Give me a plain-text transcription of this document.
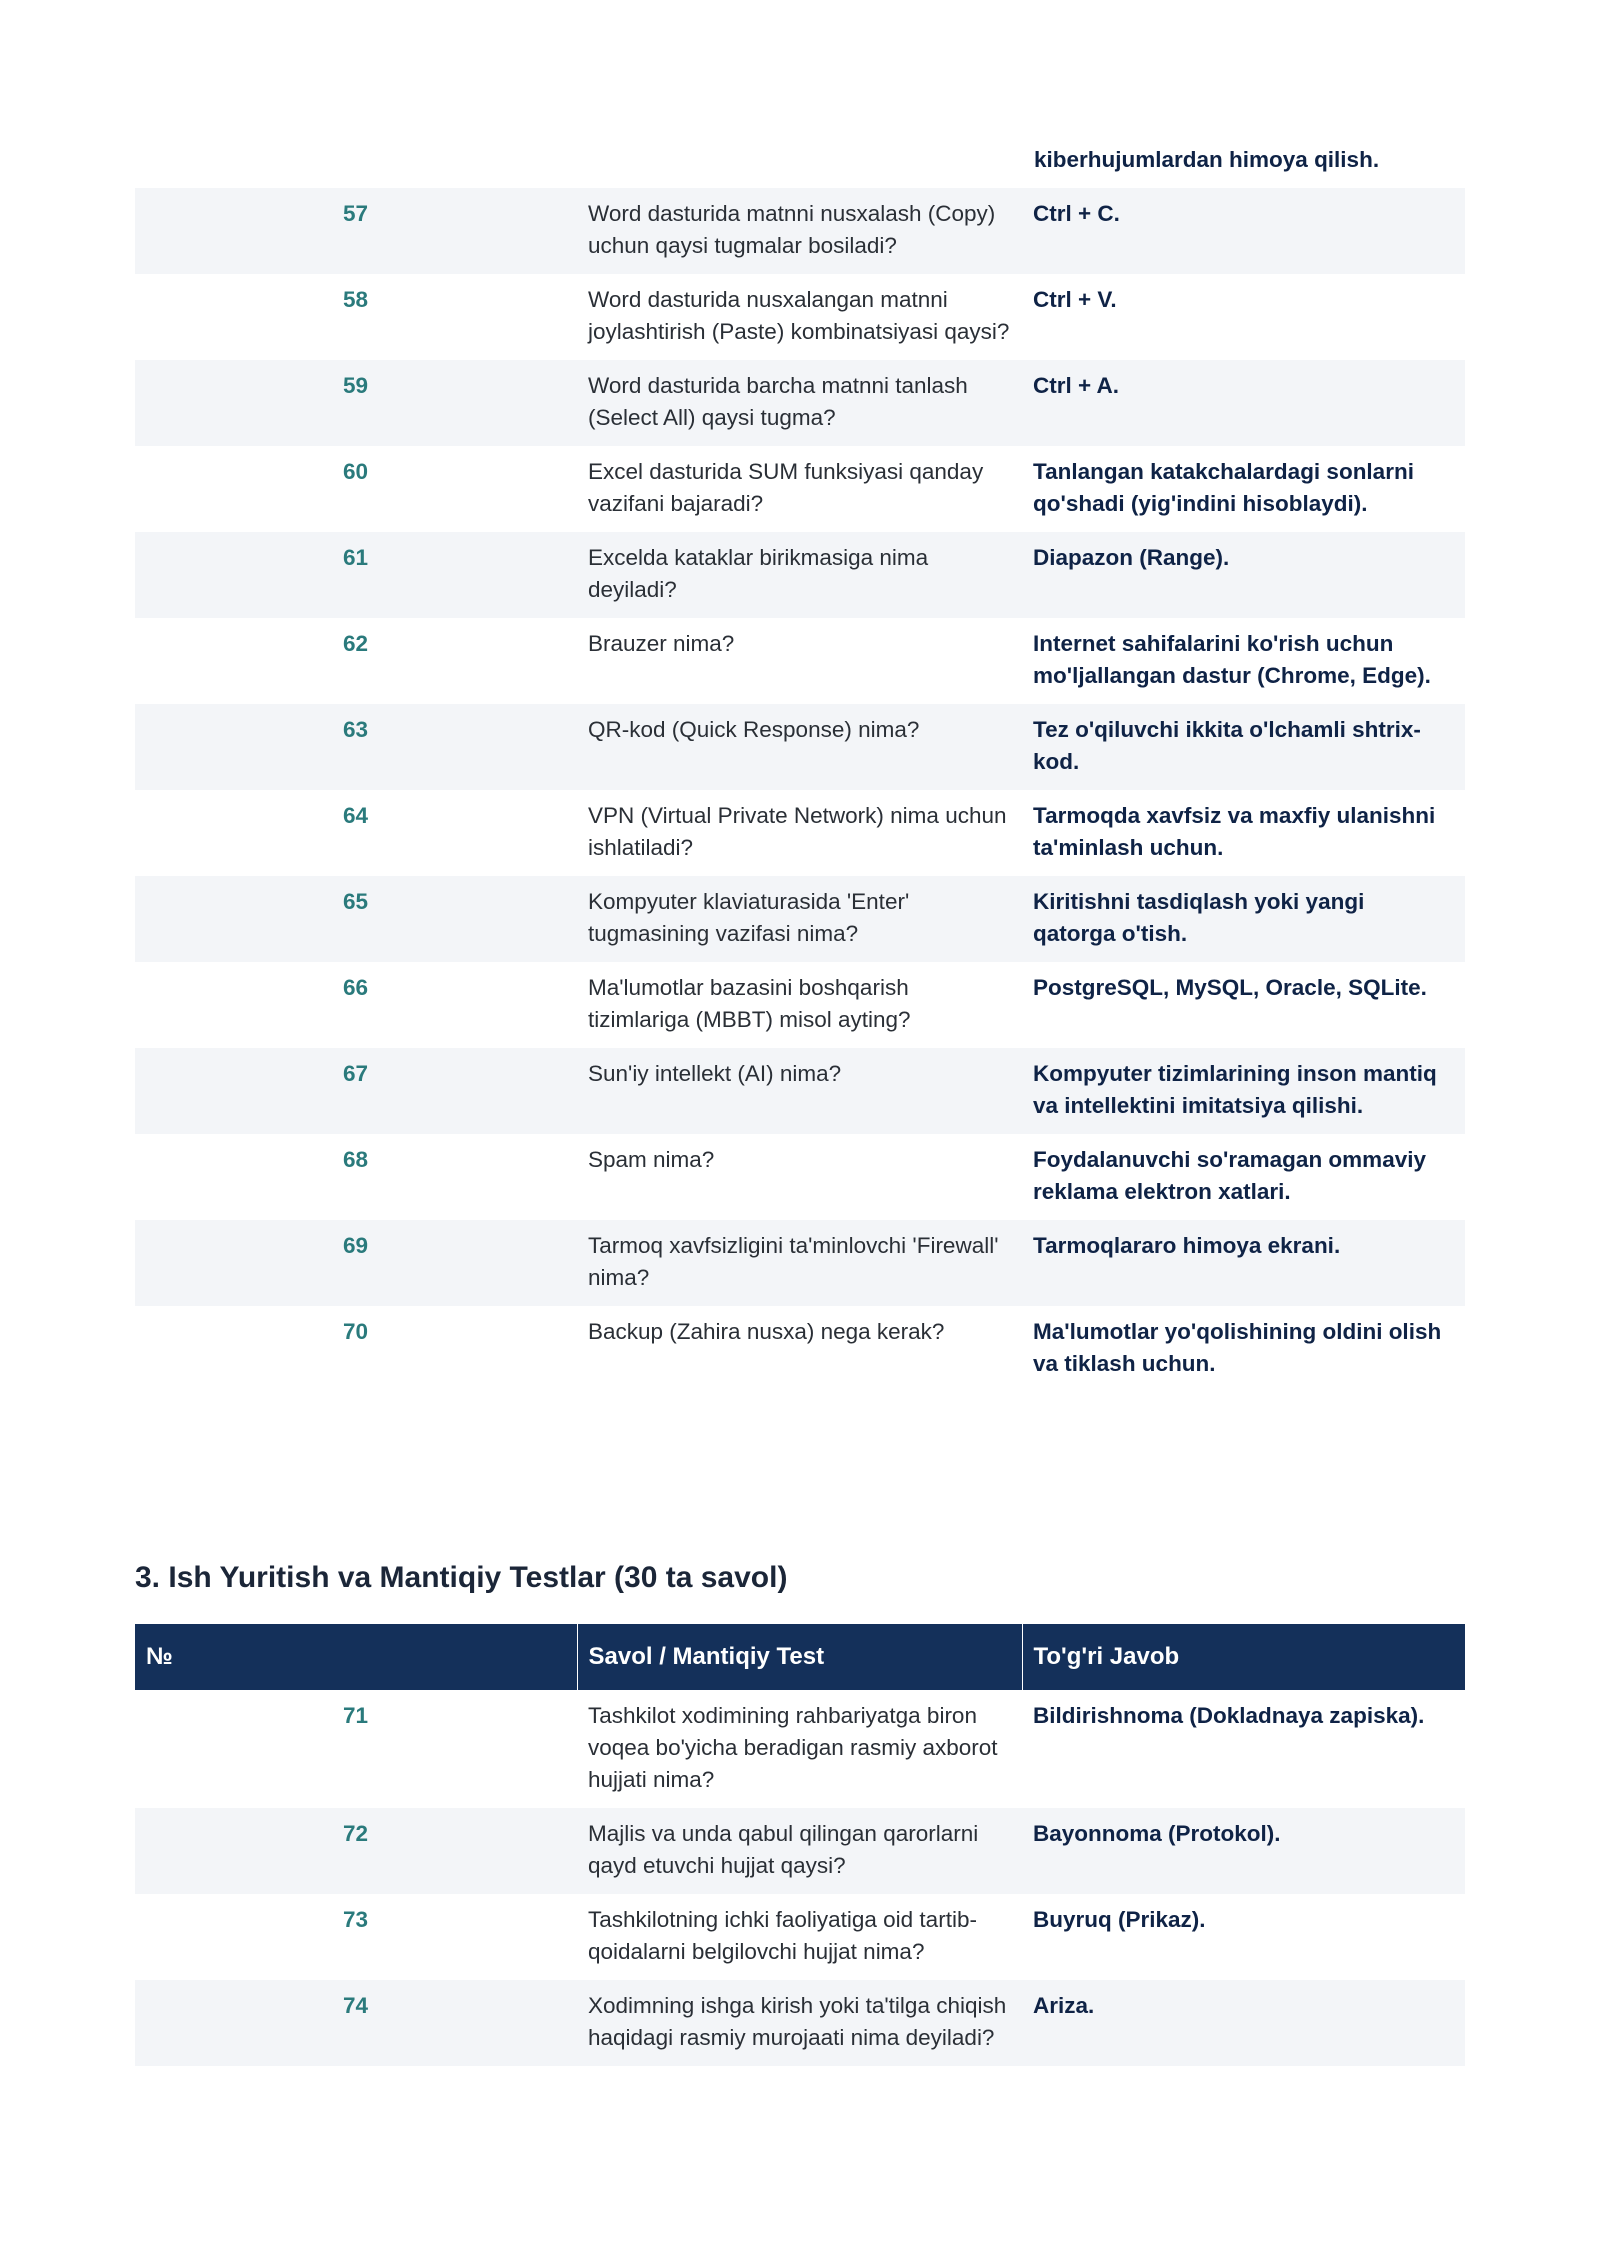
kiberhujumlardan himoya qilish.
57	Word dasturida matnni nusxalash (Copy) uchun qaysi tugmalar bosiladi?	Ctrl + C.
58	Word dasturida nusxalangan matnni joylashtirish (Paste) kombinatsiyasi qaysi?	Ctrl + V.
59	Word dasturida barcha matnni tanlash (Select All) qaysi tugma?	Ctrl + A.
60	Excel dasturida SUM funksiyasi qanday vazifani bajaradi?	Tanlangan katakchalardagi sonlarni qo'shadi (yig'indini hisoblaydi).
61	Excelda kataklar birikmasiga nima deyiladi?	Diapazon (Range).
62	Brauzer nima?	Internet sahifalarini ko'rish uchun mo'ljallangan dastur (Chrome, Edge).
63	QR-kod (Quick Response) nima?	Tez o'qiluvchi ikkita o'lchamli shtrix-kod.
64	VPN (Virtual Private Network) nima uchun ishlatiladi?	Tarmoqda xavfsiz va maxfiy ulanishni ta'minlash uchun.
65	Kompyuter klaviaturasida 'Enter' tugmasining vazifasi nima?	Kiritishni tasdiqlash yoki yangi qatorga o'tish.
66	Ma'lumotlar bazasini boshqarish tizimlariga (MBBT) misol ayting?	PostgreSQL, MySQL, Oracle, SQLite.
67	Sun'iy intellekt (AI) nima?	Kompyuter tizimlarining inson mantiq va intellektini imitatsiya qilishi.
68	Spam nima?	Foydalanuvchi so'ramagan ommaviy reklama elektron xatlari.
69	Tarmoq xavfsizligini ta'minlovchi 'Firewall' nima?	Tarmoqlararo himoya ekrani.
70	Backup (Zahira nusxa) nega kerak?	Ma'lumotlar yo'qolishining oldini olish va tiklash uchun.
3. Ish Yuritish va Mantiqiy Testlar (30 ta savol)
№	Savol / Mantiqiy Test	To'g'ri Javob
71	Tashkilot xodimining rahbariyatga biron voqea bo'yicha beradigan rasmiy axborot hujjati nima?	Bildirishnoma (Dokladnaya zapiska).
72	Majlis va unda qabul qilingan qarorlarni qayd etuvchi hujjat qaysi?	Bayonnoma (Protokol).
73	Tashkilotning ichki faoliyatiga oid tartib-qoidalarni belgilovchi hujjat nima?	Buyruq (Prikaz).
74	Xodimning ishga kirish yoki ta'tilga chiqish haqidagi rasmiy murojaati nima deyiladi?	Ariza.
